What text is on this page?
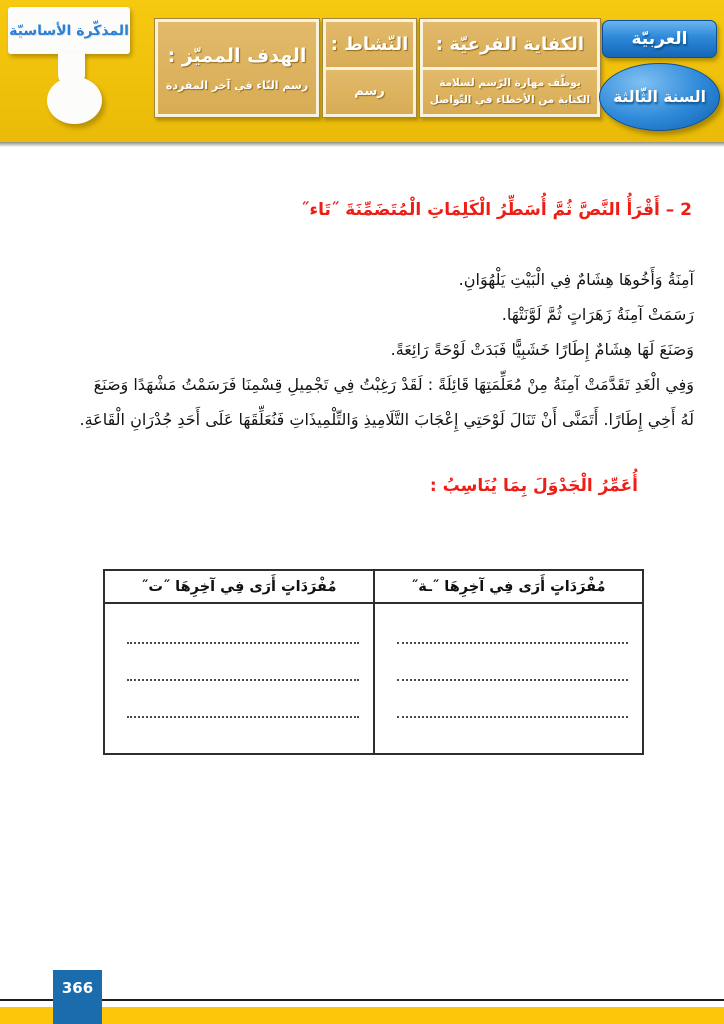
المذكّرة الأساسيّة
الهدف المميّز :
رسم التّاء في آخر المفردة
النّشاط :
رسم
الكفاية الفرعيّة :
يوظّف مهارة الرّسم لسلامة الكتابة من الأخطاء في التّواصل
العربيّة
السنة الثّالثة
2 – أَقْرَأُ النَّصَّ ثُمَّ أُسَطِّرُ الْكَلِمَاتِ الْمُتَضَمِّنَةَ ˝تَاء˝
آمِنَةُ وَأَخُوهَا هِشَامٌ فِي الْبَيْتِ يَلْهُوَانِ.
رَسَمَتْ آمِنَةُ زَهَرَاتٍ ثُمَّ لَوَّنَتْهَا.
وَصَنَعَ لَهَا هِشَامٌ إِطَارًا خَشَبِيًّا فَبَدَتْ لَوْحَةً رَائِعَةً.
وَفِي الْغَدِ تَقَدَّمَتْ آمِنَةُ مِنْ مُعَلِّمَتِهَا قَائِلَةً : لَقَدْ رَغِبْتُ فِي تَجْمِيلِ قِسْمِنَا فَرَسَمْتُ مَشْهَدًا وَصَنَعَ
لَهُ أَخِي إِطَارًا. أَتَمَنَّى أَنْ تَنَالَ لَوْحَتِي إِعْجَابَ التَّلَامِيذِ وَالتِّلْمِيذَاتِ فَنُعَلِّقَهَا عَلَى أَحَدِ جُدْرَانِ الْقَاعَةِ.
أُعَمِّرُ الْجَدْوَلَ بِمَا يُنَاسِبُ :
مُفْرَدَاتٍ أَرَى فِي آخِرِهَا ˝ـة˝
مُفْرَدَاتٍ أَرَى فِي آخِرِهَا ˝ت˝
366
